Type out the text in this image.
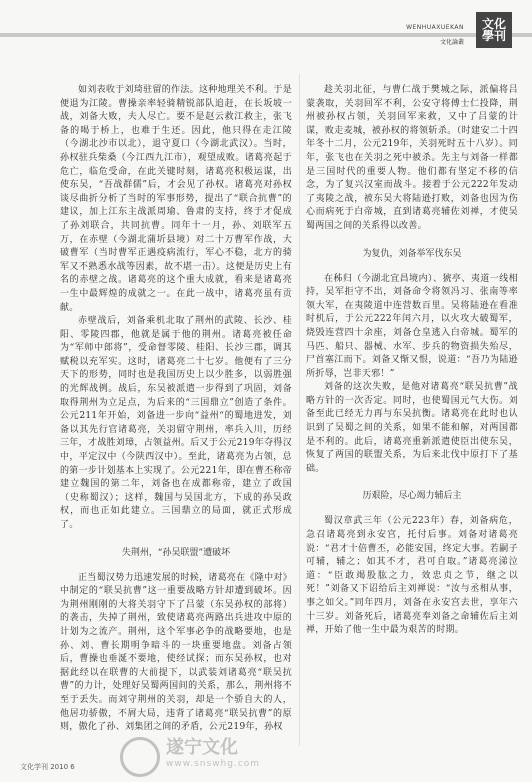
WENHUAXUEKAN
文化論叢
文化
學刊

如刘表收于刘琦驻留的作法。这种地理关不利。于是便退为江陵。曹操亲率轻骑精锐部队追赶，在长坂坡一战，刘备大败，夫人尽亡。要不是赵云救江救主，张飞备的喝于桥上，也难于生还。因此，他只得在走江陵（今湖北沙市以北），退守夏口（今湖北武汉）。当时，孙权驻兵柴桑（今江西九江市），观望成败。诸葛亮起于危亡，临危受命，在此关键时刻，诸葛亮积极运谋，出使东吴，“吾战群儒”后，才会见了孙权。诸葛亮对孙权谈尽曲折分析了当时的军事形势，提出了“联合抗曹”的建议，加上江东主战派周瑜、鲁肃的支持，终于才促成了孙刘联合，共同抗曹。同年十一月，孙、刘联军五万，在赤壁（今湖北蒲圻县境）对二十万曹军作战，大破曹军（当时曹军正遇疫病流行，军心不稳，北方的骑军又不熟悉水战等因素，故不堪一击）。这便是历史上有名的赤壁之战。诸葛亮的这个重大成就，看来是诸葛亮一生中最辉煌的成就之一。在此一战中，诸葛亮虽有贡献。

赤壁战后，刘备乘机北取了荆州的武陵、长沙、桂阳、零陵四郡，他就是属于他的荆州。诸葛亮被任命为“军师中郎将”，受命督零陵、桂阳、长沙三郡，调其赋税以充军实。这时，诸葛亮二十七岁。他便有了三分天下的形势，同时也是我国历史上以少胜多，以弱胜强的光辉战例。战后，东吴被派遣一步得到了巩固，刘备取得荆州为立足点，为后来的“三国鼎立”创造了条件。公元211年开始，刘备进一步向“益州“的蜀地进发，刘备以其先行官诸葛亮，关羽留守荆州，率兵入川，历经三年，才战胜刘璋，占领益州。后又于公元219年夺得汉中，平定汉中（今陕西汉中）。至此，诸葛亮为占领，总的第一步计划基本上实现了。公元221年，即在曹丕称帝建立魏国的第二年，刘备也在成都称帝，建立了政国（史称蜀汉）；这样，魏国与吴国北方，下成的孙吴政权，而也正如此建立。三国鼎立的局面，就正式形成了。

失荆州，“孙吴联盟”遭破坏

正当蜀汉势力迅速发展的时候，诸葛亮在《隆中对》中制定的“联吴抗曹”这一重要战略方针却遭到破坏。因为荆州刚刚的大将关羽守下了吕蒙（东吴孙权的部将）的袭击，失掉了荆州，致使诸葛亮两路出兵进攻中原的计划为之流产。荆州，这个军事必争的战略要地，也是孙、刘、曹长期明争暗斗的一块重要地盘。刘备占领后，曹操也垂涎不要地，使经试探；而东吴孙权，也对据此经以在联曹的大前提下，以武装刘诸葛亮“联吴抗曹”的力计，处理好吴蜀两国间的关系，那么，荆州将不至于丢失。而刘守荆州的关羽，却是一个骄自大的人，他居功骄傲，不屑大局，违背了诸葛亮“联吴抗曹”的原则，傲化了孙、刘集团之间的矛盾，公元219年，孙权

趁关羽北征，与曹仁战于樊城之际，派偏将吕蒙袭取，关羽回军不利，公安守将傅士仁投降，荆州被孙权占领，关羽回军来救，又中了吕蒙的计谋，败走麦城，被孙权的将领斩杀。（时建安二十四年冬十二月，公元219年，关羽死时五十八岁）。同年，张飞也在关羽之死中被杀。先主与刘备一样都是三国时代的重要人物。他们都有坚定不移的信念，为了复兴汉室而战斗。接着于公元222年发动了夷陵之战，被东吴大将陆逊打败，刘备也因为伤心而病死于白帝城，直到诸葛亮辅佐刘禅，才使吴蜀两国之间的关系得以改善。

为复仇，刘备举军伐东吴

在秭归（今湖北宜昌境内）、猇亭、夷道一线相持，吴军拒守不出，刘备命令将领冯习、张南等率领大军，在夷陵道中连营数百里。吴将陆逊在看准时机后，于公元222年闰六月，以火攻大破蜀军，烧毁连营四十余座，刘备仓皇逃入白帝城。蜀军的马匹、船只、器械、水军、步兵的物资损失殆尽，尸首塞江而下。刘备又惭又恨，说道：“吾乃为陆逊所折辱，岂非天邪！”

刘备的这次失败，是他对诸葛亮“联吴抗曹”战略方针的一次否定。同时，也使蜀国元气大伤。刘备至此已经无力再与东吴抗衡。诸葛亮在此时也认识到了吴蜀之间的关系，如果不能和解，对两国都是不利的。此后，诸葛亮重新派遣使臣出使东吴，恢复了两国的联盟关系，为后来北伐中原打下了基础。

历艰险，尽心竭力辅后主

蜀汉章武三年（公元223年）春，刘备病危，急召诸葛亮到永安宫，托付后事。刘备对诸葛亮说：“君才十倍曹丕，必能安国，终定大事。若嗣子可辅，辅之；如其不才，君可自取。”诸葛亮涕泣道：“臣敢竭股肱之力，效忠贞之节，继之以死！”刘备又下诏给后主刘禅说：“汝与丞相从事，事之如父。”同年四月，刘备在永安宫去世，享年六十三岁。刘备死后，诸葛亮奉刘备之命辅佐后主刘禅，开始了他一生中最为艰苦的时期。

遂宁文化
www.snswhg.com
文化学刊 2010 6
